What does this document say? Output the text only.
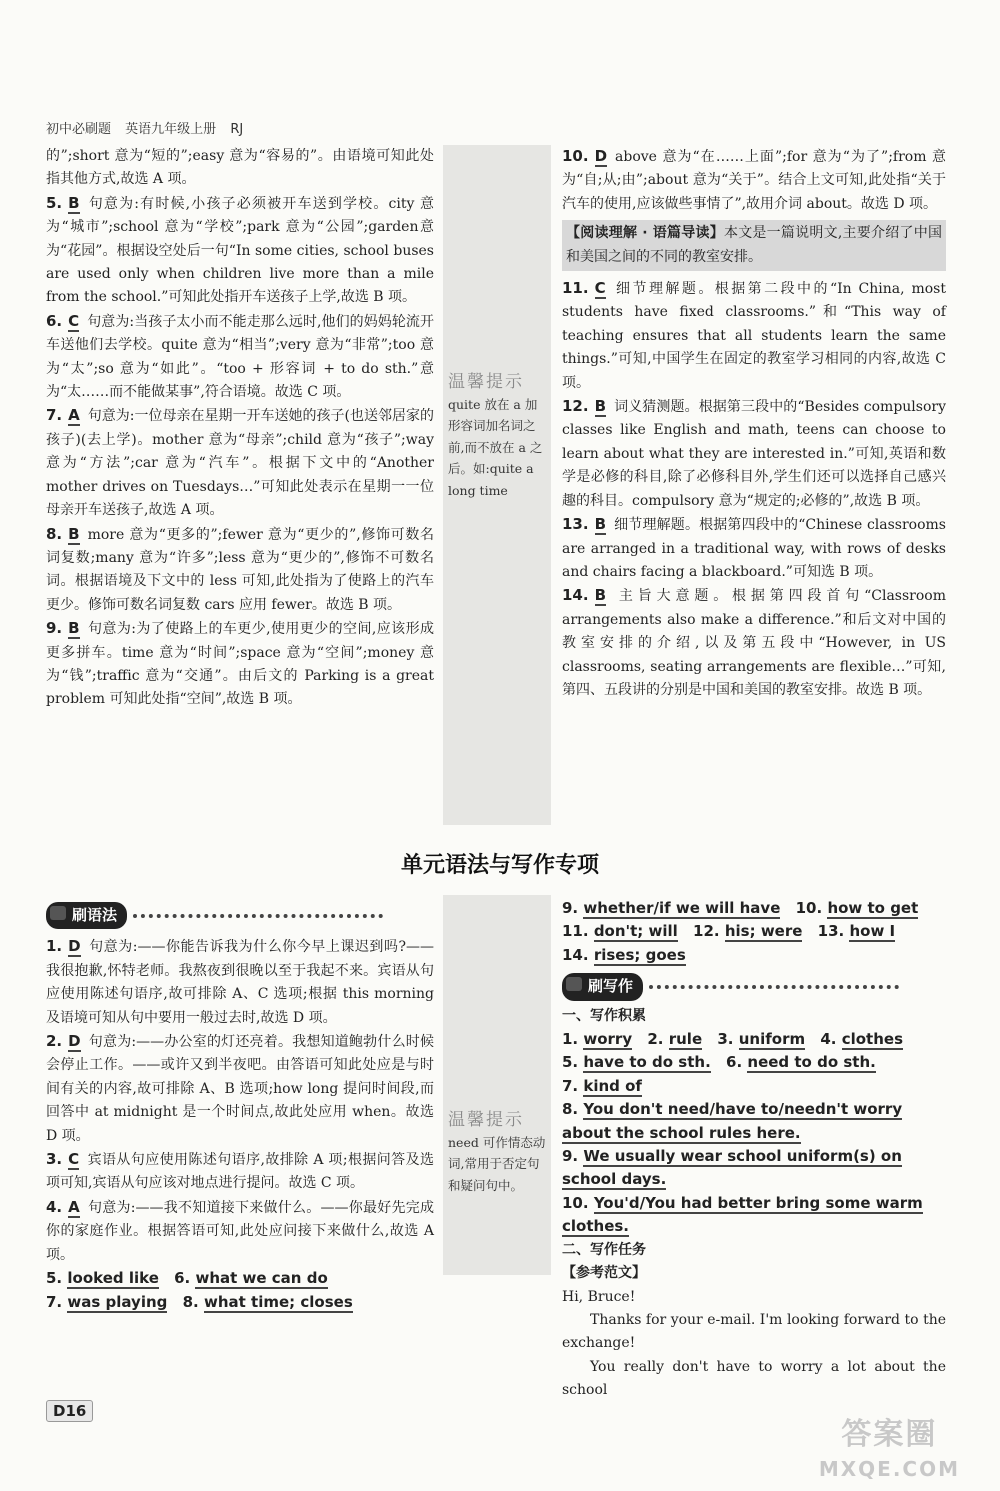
初中必刷题 英语九年级上册 RJ
温馨提示
quite 放在 a 加形容词加名词之前,而不放在 a 之后。如:quite a long time
温馨提示
need 可作情态动词,常用于否定句和疑问句中。

的”;short 意为“短的”;easy 意为“容易的”。由语境可知此处指其他方式,故选 A 项。

5. B 句意为:有时候,小孩子必须被开车送到学校。city 意为“城市”;school 意为“学校”;park 意为“公园”;garden意为“花园”。根据设空处后一句“In some cities, school buses are used only when children live more than a mile from the school.”可知此处指开车送孩子上学,故选 B 项。

6. C 句意为:当孩子太小而不能走那么远时,他们的妈妈轮流开车送他们去学校。quite 意为“相当”;very 意为“非常”;too 意为“太”;so 意为“如此”。“too + 形容词 + to do sth.”意为“太……而不能做某事”,符合语境。故选 C 项。

7. A 句意为:一位母亲在星期一开车送她的孩子(也送邻居家的孩子)(去上学)。mother 意为“母亲”;child 意为“孩子”;way 意为“方法”;car 意为“汽车”。根据下文中的“Another mother drives on Tuesdays…”可知此处表示在星期一一位母亲开车送孩子,故选 A 项。

8. B more 意为“更多的”;fewer 意为“更少的”,修饰可数名词复数;many 意为“许多”;less 意为“更少的”,修饰不可数名词。根据语境及下文中的 less 可知,此处指为了使路上的汽车更少。修饰可数名词复数 cars 应用 fewer。故选 B 项。

9. B 句意为:为了使路上的车更少,使用更少的空间,应该形成更多拼车。time 意为“时间”;space 意为“空间”;money 意为“钱”;traffic 意为“交通”。由后文的 Parking is a great problem 可知此处指“空间”,故选 B 项。

10. D above 意为“在……上面”;for 意为“为了”;from 意为“自;从;由”;about 意为“关于”。结合上文可知,此处指“关于汽车的使用,应该做些事情了”,故用介词 about。故选 D 项。

【阅读理解 · 语篇导读】本文是一篇说明文,主要介绍了中国和美国之间的不同的教室安排。

11. C 细节理解题。根据第二段中的“In China, most students have fixed classrooms.”和“This way of teaching ensures that all students learn the same things.”可知,中国学生在固定的教室学习相同的内容,故选 C 项。

12. B 词义猜测题。根据第三段中的“Besides compulsory classes like English and math, teens can choose to learn about what they are interested in.”可知,英语和数学是必修的科目,除了必修科目外,学生们还可以选择自己感兴趣的科目。compulsory 意为“规定的;必修的”,故选 B 项。

13. B 细节理解题。根据第四段中的“Chinese classrooms are arranged in a traditional way, with rows of desks and chairs facing a blackboard.”可知选 B 项。

14. B 主旨大意题。根据第四段首句“Classroom arrangements also make a difference.”和后文对中国的教室安排的介绍,以及第五段中“However, in US classrooms, seating arrangements are flexible…”可知,第四、五段讲的分别是中国和美国的教室安排。故选 B 项。

单元语法与写作专项
刷语法

1. D 句意为:——你能告诉我为什么你今早上课迟到吗?——我很抱歉,怀特老师。我熬夜到很晚以至于我起不来。宾语从句应使用陈述句语序,故可排除 A、C 选项;根据 this morning 及语境可知从句中要用一般过去时,故选 D 项。

2. D 句意为:——办公室的灯还亮着。我想知道鲍勃什么时候会停止工作。——或许又到半夜吧。由答语可知此处应是与时间有关的内容,故可排除 A、B 选项;how long 提问时间段,而回答中 at midnight 是一个时间点,故此处应用 when。故选 D 项。

3. C 宾语从句应使用陈述句语序,故排除 A 项;根据问答及选项可知,宾语从句应该对地点进行提问。故选 C 项。

4. A 句意为:——我不知道接下来做什么。——你最好先完成你的家庭作业。根据答语可知,此处应问接下来做什么,故选 A 项。

5. looked like 6. what we can do
7. was playing 8. what time; closes
9. whether/if we will have 10. how to get
11. don't; will 12. his; were 13. how I
14. rises; goes
刷写作
一、写作积累
1. worry 2. rule 3. uniform 4. clothes
5. have to do sth. 6. need to do sth.
7. kind of
8. You don't need/have to/needn't worry about the school rules here.
9. We usually wear school uniform(s) on school days.
10. You'd/You had better bring some warm clothes.
二、写作任务
【参考范文】
Hi, Bruce!
Thanks for your e-mail. I'm looking forward to the exchange!
You really don't have to worry a lot about the school
D16
答案圈
MXQE.COM
